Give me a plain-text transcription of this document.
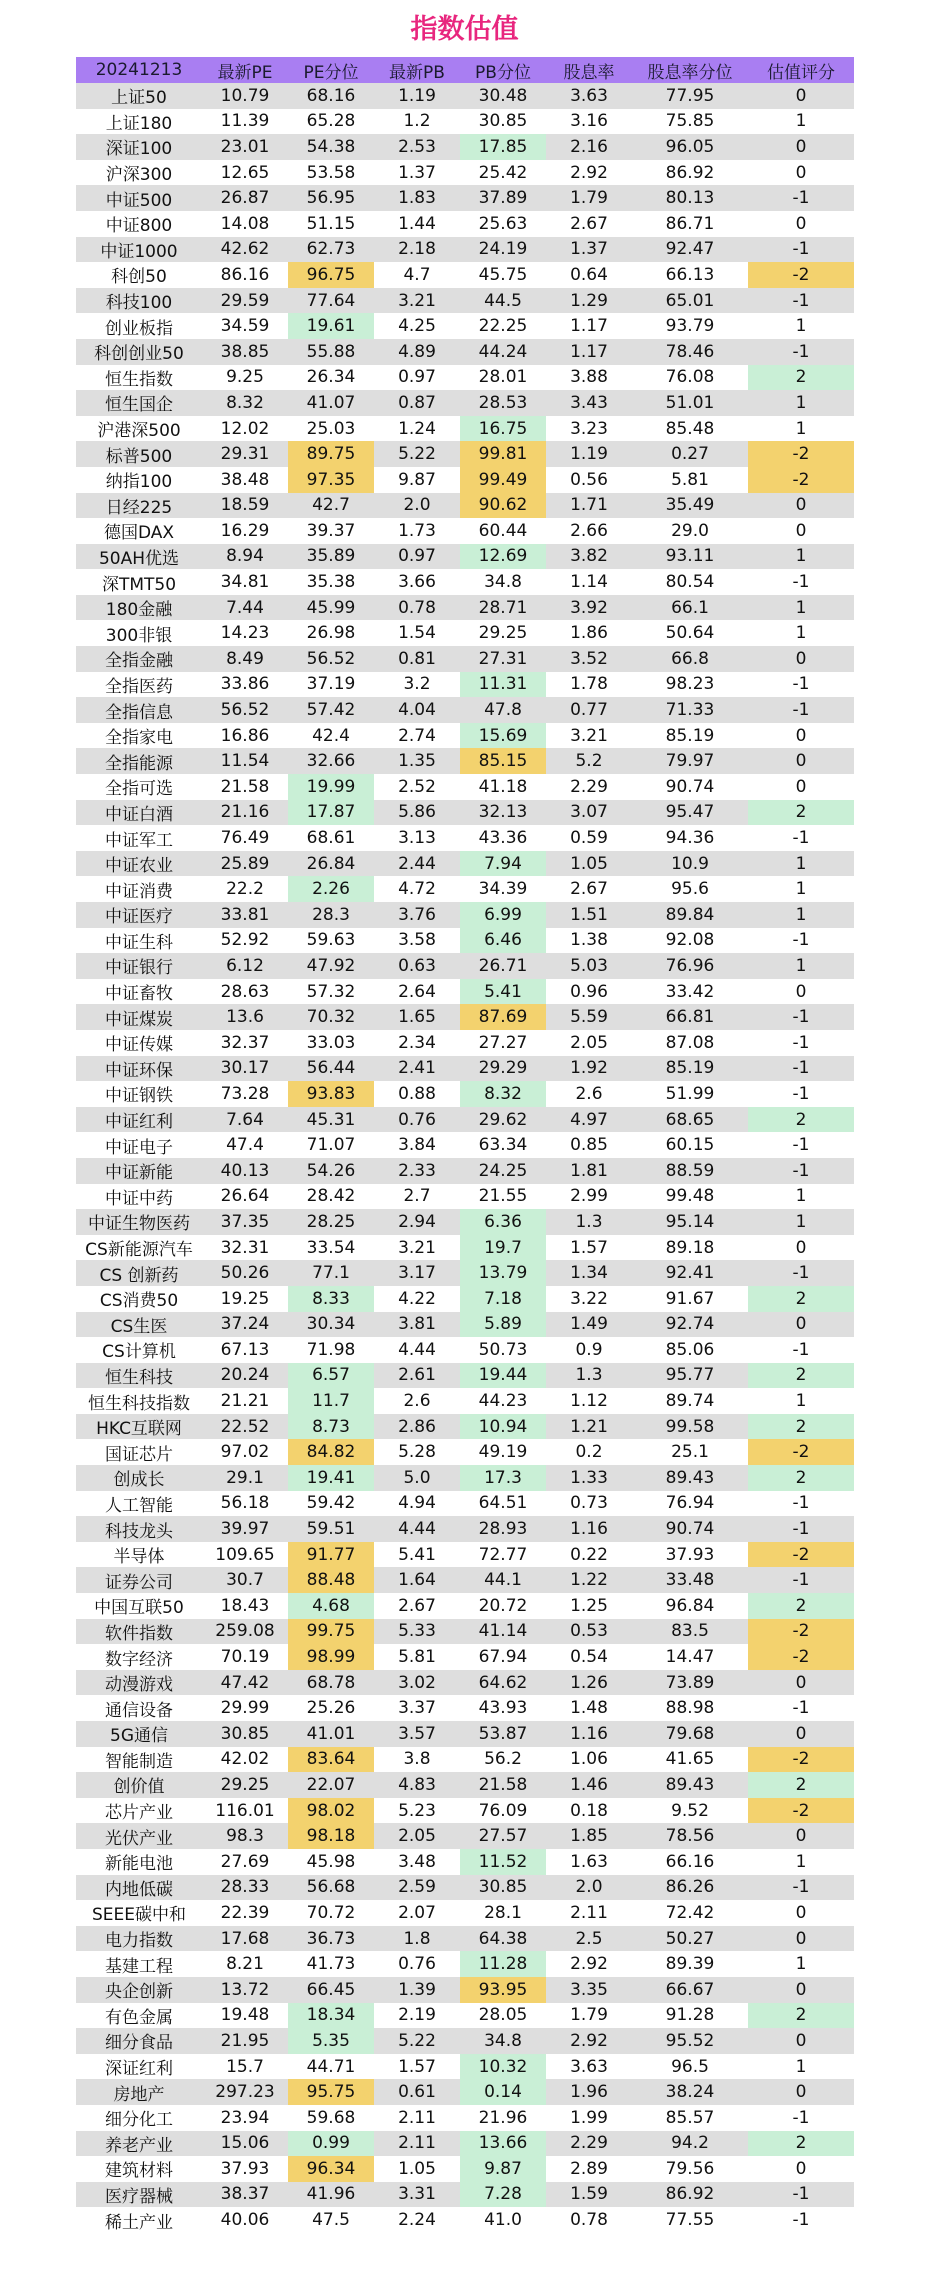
指数估值
20241213	最新PE	PE分位	最新PB	PB分位	股息率	股息率分位	估值评分
上证50	10.79	68.16	1.19	30.48	3.63	77.95	0
上证180	11.39	65.28	1.2	30.85	3.16	75.85	1
深证100	23.01	54.38	2.53	17.85	2.16	96.05	0
沪深300	12.65	53.58	1.37	25.42	2.92	86.92	0
中证500	26.87	56.95	1.83	37.89	1.79	80.13	-1
中证800	14.08	51.15	1.44	25.63	2.67	86.71	0
中证1000	42.62	62.73	2.18	24.19	1.37	92.47	-1
科创50	86.16	96.75	4.7	45.75	0.64	66.13	-2
科技100	29.59	77.64	3.21	44.5	1.29	65.01	-1
创业板指	34.59	19.61	4.25	22.25	1.17	93.79	1
科创创业50	38.85	55.88	4.89	44.24	1.17	78.46	-1
恒生指数	9.25	26.34	0.97	28.01	3.88	76.08	2
恒生国企	8.32	41.07	0.87	28.53	3.43	51.01	1
沪港深500	12.02	25.03	1.24	16.75	3.23	85.48	1
标普500	29.31	89.75	5.22	99.81	1.19	0.27	-2
纳指100	38.48	97.35	9.87	99.49	0.56	5.81	-2
日经225	18.59	42.7	2.0	90.62	1.71	35.49	0
德国DAX	16.29	39.37	1.73	60.44	2.66	29.0	0
50AH优选	8.94	35.89	0.97	12.69	3.82	93.11	1
深TMT50	34.81	35.38	3.66	34.8	1.14	80.54	-1
180金融	7.44	45.99	0.78	28.71	3.92	66.1	1
300非银	14.23	26.98	1.54	29.25	1.86	50.64	1
全指金融	8.49	56.52	0.81	27.31	3.52	66.8	0
全指医药	33.86	37.19	3.2	11.31	1.78	98.23	-1
全指信息	56.52	57.42	4.04	47.8	0.77	71.33	-1
全指家电	16.86	42.4	2.74	15.69	3.21	85.19	0
全指能源	11.54	32.66	1.35	85.15	5.2	79.97	0
全指可选	21.58	19.99	2.52	41.18	2.29	90.74	0
中证白酒	21.16	17.87	5.86	32.13	3.07	95.47	2
中证军工	76.49	68.61	3.13	43.36	0.59	94.36	-1
中证农业	25.89	26.84	2.44	7.94	1.05	10.9	1
中证消费	22.2	2.26	4.72	34.39	2.67	95.6	1
中证医疗	33.81	28.3	3.76	6.99	1.51	89.84	1
中证生科	52.92	59.63	3.58	6.46	1.38	92.08	-1
中证银行	6.12	47.92	0.63	26.71	5.03	76.96	1
中证畜牧	28.63	57.32	2.64	5.41	0.96	33.42	0
中证煤炭	13.6	70.32	1.65	87.69	5.59	66.81	-1
中证传媒	32.37	33.03	2.34	27.27	2.05	87.08	-1
中证环保	30.17	56.44	2.41	29.29	1.92	85.19	-1
中证钢铁	73.28	93.83	0.88	8.32	2.6	51.99	-1
中证红利	7.64	45.31	0.76	29.62	4.97	68.65	2
中证电子	47.4	71.07	3.84	63.34	0.85	60.15	-1
中证新能	40.13	54.26	2.33	24.25	1.81	88.59	-1
中证中药	26.64	28.42	2.7	21.55	2.99	99.48	1
中证生物医药	37.35	28.25	2.94	6.36	1.3	95.14	1
CS新能源汽车	32.31	33.54	3.21	19.7	1.57	89.18	0
CS 创新药	50.26	77.1	3.17	13.79	1.34	92.41	-1
CS消费50	19.25	8.33	4.22	7.18	3.22	91.67	2
CS生医	37.24	30.34	3.81	5.89	1.49	92.74	0
CS计算机	67.13	71.98	4.44	50.73	0.9	85.06	-1
恒生科技	20.24	6.57	2.61	19.44	1.3	95.77	2
恒生科技指数	21.21	11.7	2.6	44.23	1.12	89.74	1
HKC互联网	22.52	8.73	2.86	10.94	1.21	99.58	2
国证芯片	97.02	84.82	5.28	49.19	0.2	25.1	-2
创成长	29.1	19.41	5.0	17.3	1.33	89.43	2
人工智能	56.18	59.42	4.94	64.51	0.73	76.94	-1
科技龙头	39.97	59.51	4.44	28.93	1.16	90.74	-1
半导体	109.65	91.77	5.41	72.77	0.22	37.93	-2
证券公司	30.7	88.48	1.64	44.1	1.22	33.48	-1
中国互联50	18.43	4.68	2.67	20.72	1.25	96.84	2
软件指数	259.08	99.75	5.33	41.14	0.53	83.5	-2
数字经济	70.19	98.99	5.81	67.94	0.54	14.47	-2
动漫游戏	47.42	68.78	3.02	64.62	1.26	73.89	0
通信设备	29.99	25.26	3.37	43.93	1.48	88.98	-1
5G通信	30.85	41.01	3.57	53.87	1.16	79.68	0
智能制造	42.02	83.64	3.8	56.2	1.06	41.65	-2
创价值	29.25	22.07	4.83	21.58	1.46	89.43	2
芯片产业	116.01	98.02	5.23	76.09	0.18	9.52	-2
光伏产业	98.3	98.18	2.05	27.57	1.85	78.56	0
新能电池	27.69	45.98	3.48	11.52	1.63	66.16	1
内地低碳	28.33	56.68	2.59	30.85	2.0	86.26	-1
SEEE碳中和	22.39	70.72	2.07	28.1	2.11	72.42	0
电力指数	17.68	36.73	1.8	64.38	2.5	50.27	0
基建工程	8.21	41.73	0.76	11.28	2.92	89.39	1
央企创新	13.72	66.45	1.39	93.95	3.35	66.67	0
有色金属	19.48	18.34	2.19	28.05	1.79	91.28	2
细分食品	21.95	5.35	5.22	34.8	2.92	95.52	0
深证红利	15.7	44.71	1.57	10.32	3.63	96.5	1
房地产	297.23	95.75	0.61	0.14	1.96	38.24	0
细分化工	23.94	59.68	2.11	21.96	1.99	85.57	-1
养老产业	15.06	0.99	2.11	13.66	2.29	94.2	2
建筑材料	37.93	96.34	1.05	9.87	2.89	79.56	0
医疗器械	38.37	41.96	3.31	7.28	1.59	86.92	-1
稀土产业	40.06	47.5	2.24	41.0	0.78	77.55	-1
